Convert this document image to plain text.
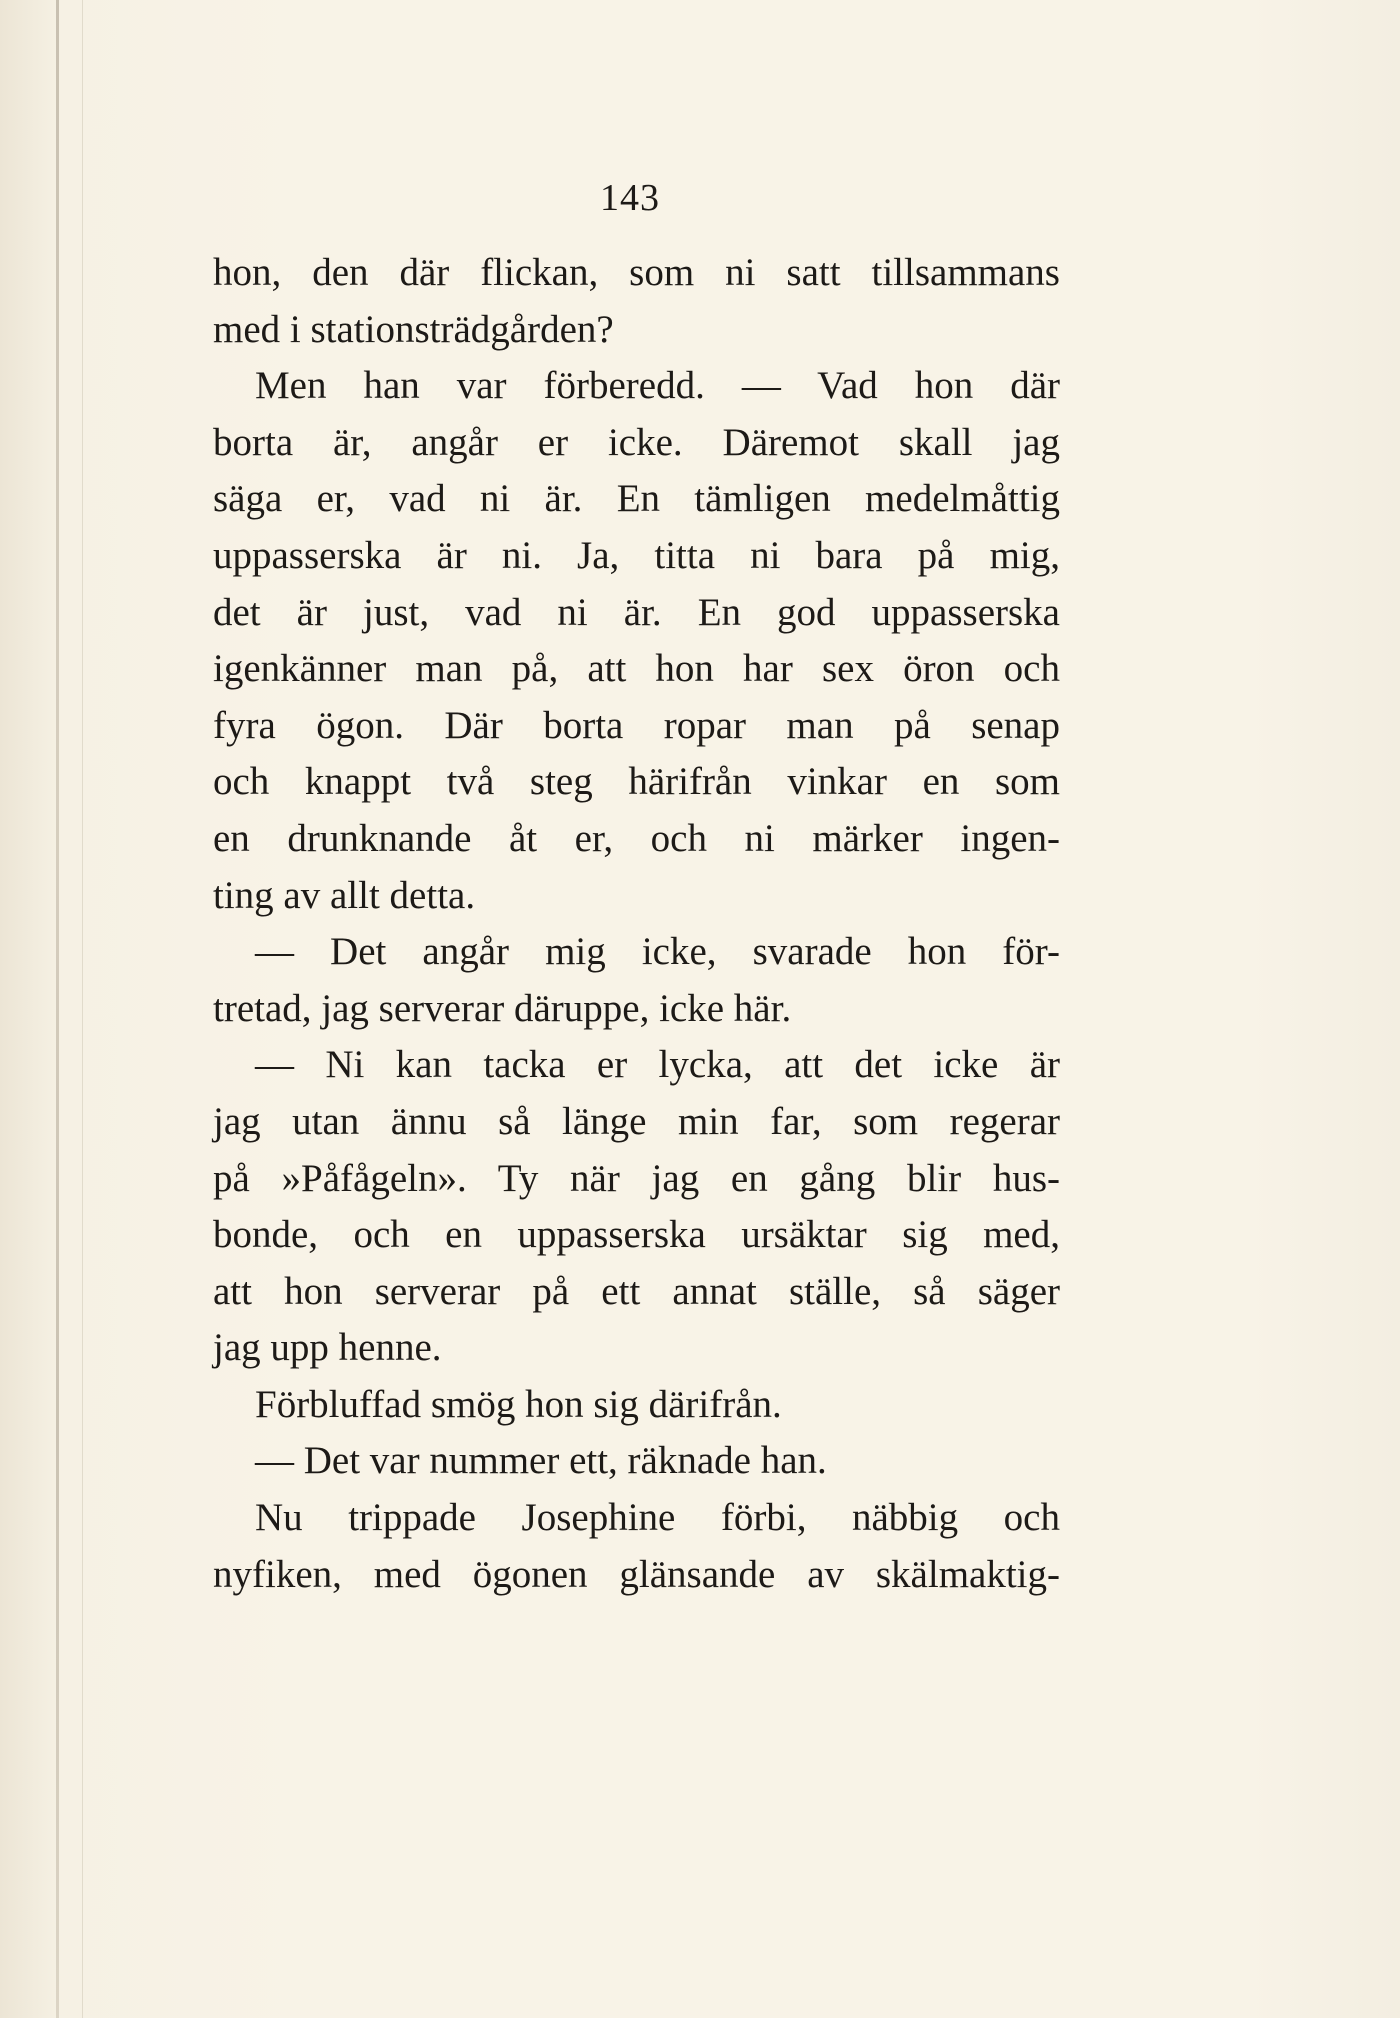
143
hon, den där flickan, som ni satt tillsammans
med i stationsträdgården?
Men han var förberedd. — Vad hon där
borta är, angår er icke. Däremot skall jag
säga er, vad ni är. En tämligen medelmåttig
uppasserska är ni. Ja, titta ni bara på mig,
det är just, vad ni är. En god uppasserska
igenkänner man på, att hon har sex öron och
fyra ögon. Där borta ropar man på senap
och knappt två steg härifrån vinkar en som
en drunknande åt er, och ni märker ingen-
ting av allt detta.
— Det angår mig icke, svarade hon för-
tretad, jag serverar däruppe, icke här.
— Ni kan tacka er lycka, att det icke är
jag utan ännu så länge min far, som regerar
på »Påfågeln». Ty när jag en gång blir hus-
bonde, och en uppasserska ursäktar sig med,
att hon serverar på ett annat ställe, så säger
jag upp henne.
Förbluffad smög hon sig därifrån.
— Det var nummer ett, räknade han.
Nu trippade Josephine förbi, näbbig och
nyfiken, med ögonen glänsande av skälmaktig-
